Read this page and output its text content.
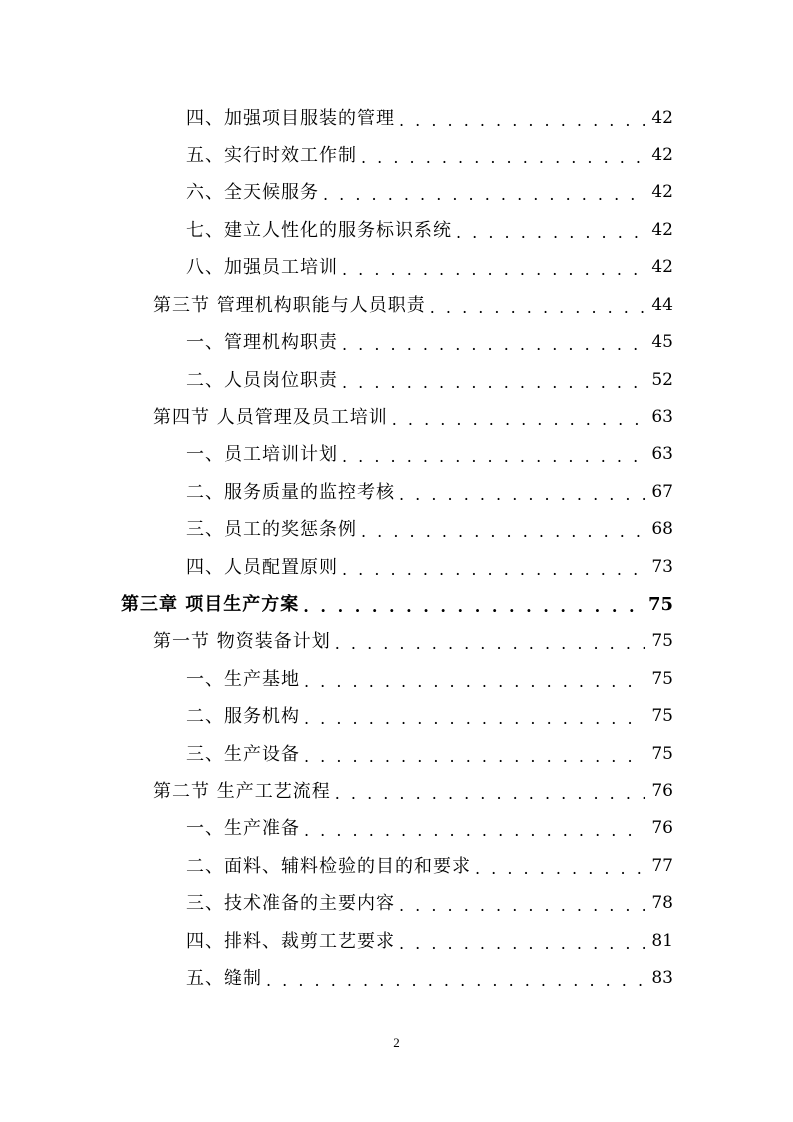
四、加强项目服装的管理 . . .	42
五、实行时效工作制 . . .	42
六、全天候服务 . . .	42
七、建立人性化的服务标识系统 . . .	42
八、加强员工培训 . . .	42
第三节 管理机构职能与人员职责 . . .	44
一、管理机构职责 . . .	45
二、人员岗位职责 . . .	52
第四节 人员管理及员工培训 . . .	63
一、员工培训计划 . . .	63
二、服务质量的监控考核 . . .	67
三、员工的奖惩条例 . . .	68
四、人员配置原则 . . .	73
第三章 项目生产方案 . . .	75
第一节 物资装备计划 . . .	75
一、生产基地 . . .	75
二、服务机构 . . .	75
三、生产设备 . . .	75
第二节 生产工艺流程 . . .	76
一、生产准备 . . .	76
二、面料、辅料检验的目的和要求 . . .	77
三、技术准备的主要内容 . . .	78
四、排料、裁剪工艺要求 . . .	81
五、缝制 . . .	83
2
